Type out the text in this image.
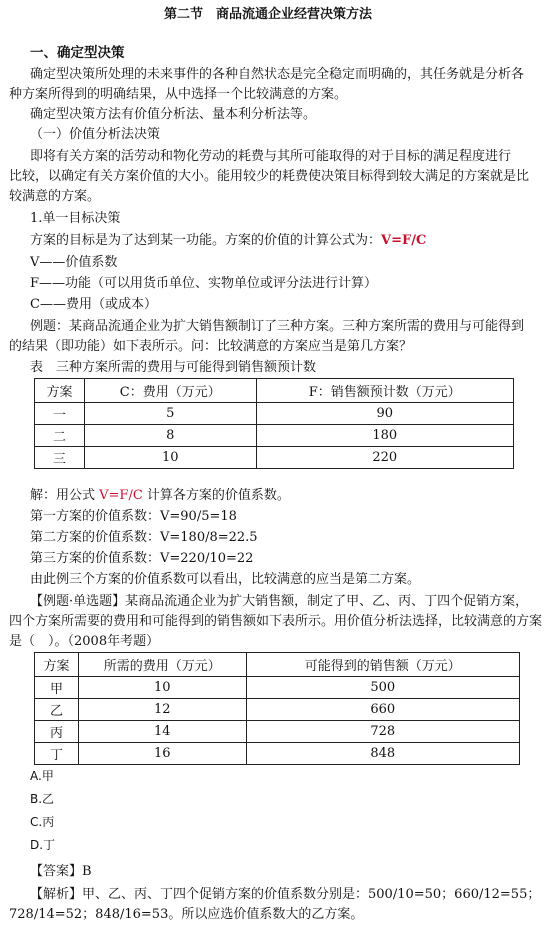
第二节　商品流通企业经营决策方法
一、确定型决策
确定型决策所处理的未来事件的各种自然状态是完全稳定而明确的，其任务就是分析各
种方案所得到的明确结果，从中选择一个比较满意的方案。
确定型决策方法有价值分析法、量本利分析法等。
（一）价值分析法决策
即将有关方案的活劳动和物化劳动的耗费与其所可能取得的对于目标的满足程度进行
比较，以确定有关方案价值的大小。能用较少的耗费使决策目标得到较大满足的方案就是比
较满意的方案。
1.单一目标决策
方案的目标是为了达到某一功能。方案的价值的计算公式为：V=F/C
V——价值系数
F——功能（可以用货币单位、实物单位或评分法进行计算）
C——费用（或成本）
例题：某商品流通企业为扩大销售额制订了三种方案。三种方案所需的费用与可能得到
的结果（即功能）如下表所示。问：比较满意的方案应当是第几方案？
表　三种方案所需的费用与可能得到销售额预计数
方案	C：费用（万元）	F：销售额预计数（万元）
一	5	90
二	8	180
三	10	220
解：用公式 V=F/C 计算各方案的价值系数。
第一方案的价值系数：V=90/5=18
第二方案的价值系数：V=180/8=22.5
第三方案的价值系数：V=220/10=22
由此例三个方案的价值系数可以看出，比较满意的应当是第二方案。
【例题·单选题】某商品流通企业为扩大销售额，制定了甲、乙、丙、丁四个促销方案，
四个方案所需要的费用和可能得到的销售额如下表所示。用价值分析法选择，比较满意的方案
是（　）。（2008年考题）
方案	所需的费用（万元）	可能得到的销售额（万元）
甲	10	500
乙	12	660
丙	14	728
丁	16	848
A.甲
B.乙
C.丙
D.丁
【答案】B
【解析】甲、乙、丙、丁四个促销方案的价值系数分别是：500/10=50；660/12=55；
728/14=52；848/16=53。所以应选价值系数大的乙方案。
